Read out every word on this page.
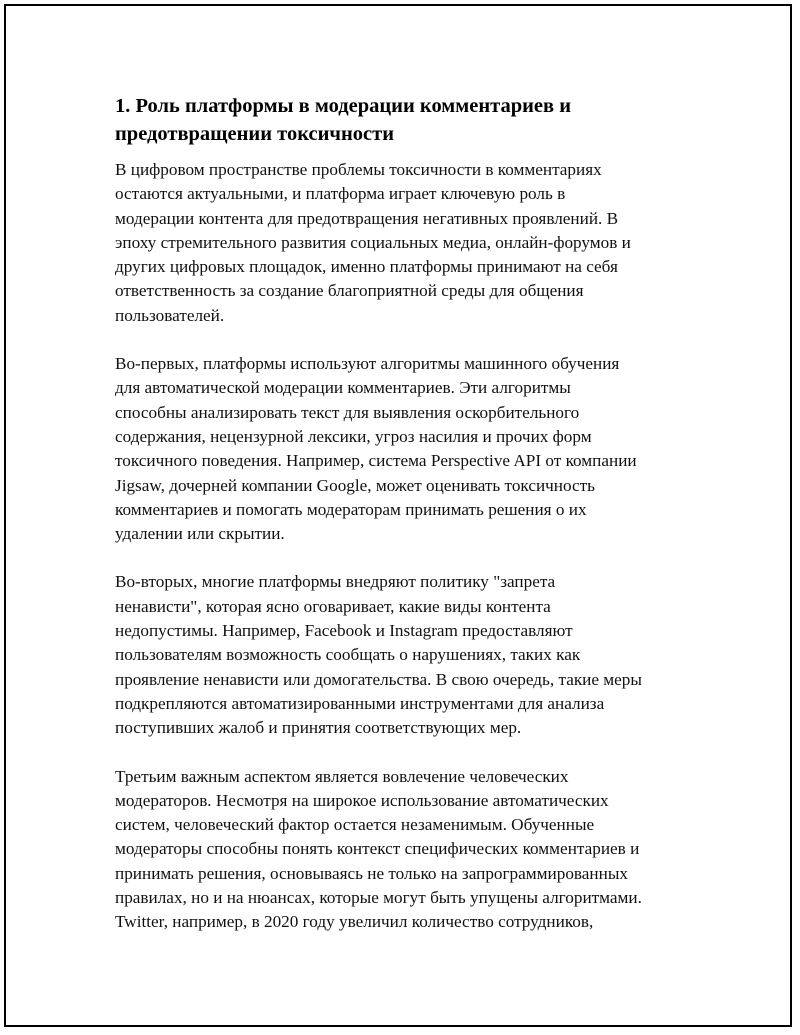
1. Роль платформы в модерации комментариев и
предотвращении токсичности

В цифровом пространстве проблемы токсичности в комментариях
остаются актуальными, и платформа играет ключевую роль в
модерации контента для предотвращения негативных проявлений. В
эпоху стремительного развития социальных медиа, онлайн-форумов и
других цифровых площадок, именно платформы принимают на себя
ответственность за создание благоприятной среды для общения
пользователей.

Во-первых, платформы используют алгоритмы машинного обучения
для автоматической модерации комментариев. Эти алгоритмы
способны анализировать текст для выявления оскорбительного
содержания, нецензурной лексики, угроз насилия и прочих форм
токсичного поведения. Например, система Perspective API от компании
Jigsaw, дочерней компании Google, может оценивать токсичность
комментариев и помогать модераторам принимать решения о их
удалении или скрытии.

Во-вторых, многие платформы внедряют политику "запрета
ненависти", которая ясно оговаривает, какие виды контента
недопустимы. Например, Facebook и Instagram предоставляют
пользователям возможность сообщать о нарушениях, таких как
проявление ненависти или домогательства. В свою очередь, такие меры
подкрепляются автоматизированными инструментами для анализа
поступивших жалоб и принятия соответствующих мер.

Третьим важным аспектом является вовлечение человеческих
модераторов. Несмотря на широкое использование автоматических
систем, человеческий фактор остается незаменимым. Обученные
модераторы способны понять контекст специфических комментариев и
принимать решения, основываясь не только на запрограммированных
правилах, но и на нюансах, которые могут быть упущены алгоритмами.
Twitter, например, в 2020 году увеличил количество сотрудников,
